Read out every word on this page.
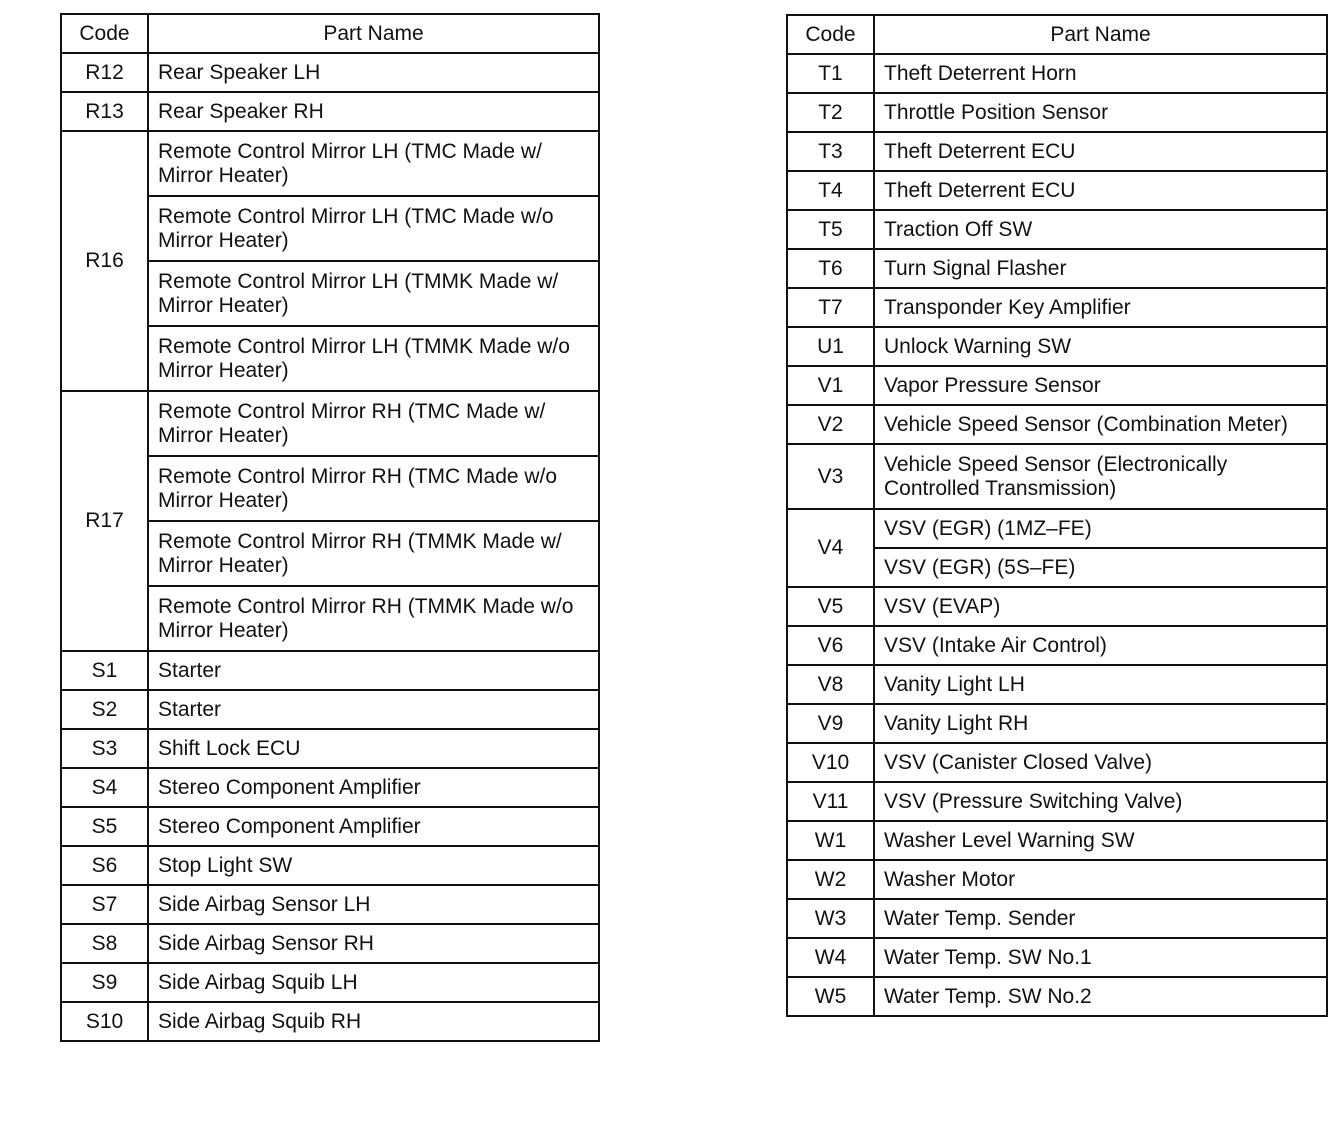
Code	Part Name
R12	Rear Speaker LH
R13	Rear Speaker RH
R16	Remote Control Mirror LH (TMC Made w/ Mirror Heater)
	Remote Control Mirror LH (TMC Made w/o Mirror Heater)
	Remote Control Mirror LH (TMMK Made w/ Mirror Heater)
	Remote Control Mirror LH (TMMK Made w/o Mirror Heater)
R17	Remote Control Mirror RH (TMC Made w/ Mirror Heater)
	Remote Control Mirror RH (TMC Made w/o Mirror Heater)
	Remote Control Mirror RH (TMMK Made w/ Mirror Heater)
	Remote Control Mirror RH (TMMK Made w/o Mirror Heater)
S1	Starter
S2	Starter
S3	Shift Lock ECU
S4	Stereo Component Amplifier
S5	Stereo Component Amplifier
S6	Stop Light SW
S7	Side Airbag Sensor LH
S8	Side Airbag Sensor RH
S9	Side Airbag Squib LH
S10	Side Airbag Squib RH
Code	Part Name
T1	Theft Deterrent Horn
T2	Throttle Position Sensor
T3	Theft Deterrent ECU
T4	Theft Deterrent ECU
T5	Traction Off SW
T6	Turn Signal Flasher
T7	Transponder Key Amplifier
U1	Unlock Warning SW
V1	Vapor Pressure Sensor
V2	Vehicle Speed Sensor (Combination Meter)
V3	Vehicle Speed Sensor (Electronically Controlled Transmission)
V4	VSV (EGR) (1MZ–FE)
	VSV (EGR) (5S–FE)
V5	VSV (EVAP)
V6	VSV (Intake Air Control)
V8	Vanity Light LH
V9	Vanity Light RH
V10	VSV (Canister Closed Valve)
V11	VSV (Pressure Switching Valve)
W1	Washer Level Warning SW
W2	Washer Motor
W3	Water Temp. Sender
W4	Water Temp. SW No.1
W5	Water Temp. SW No.2
